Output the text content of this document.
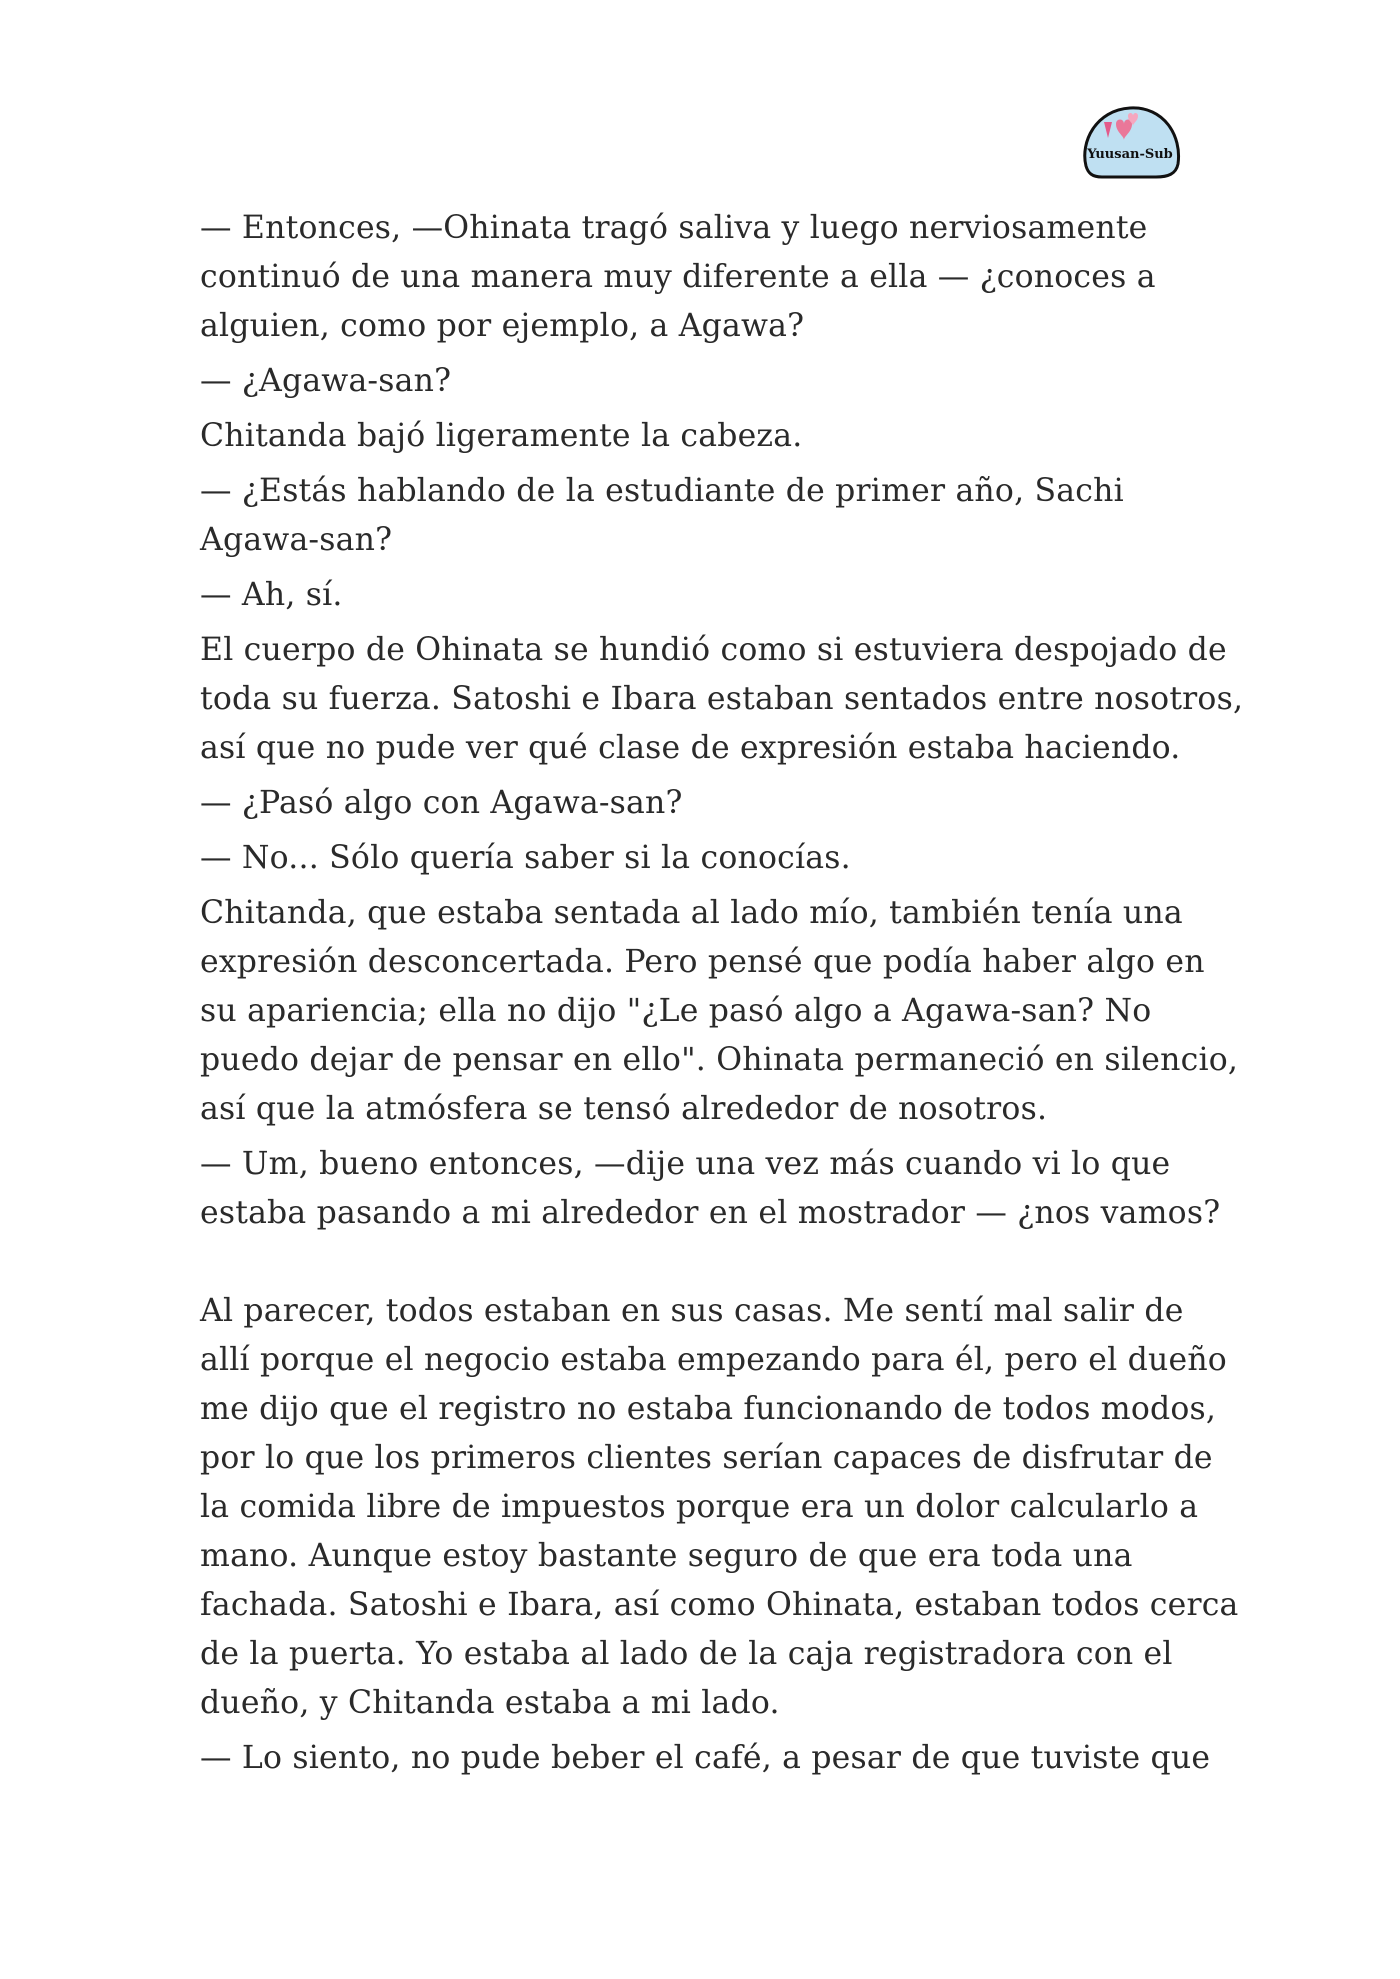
Yuusan-Sub
— Entonces, —Ohinata tragó saliva y luego nerviosamente
continuó de una manera muy diferente a ella — ¿conoces a
alguien, como por ejemplo, a Agawa?
— ¿Agawa-san?
Chitanda bajó ligeramente la cabeza.
— ¿Estás hablando de la estudiante de primer año, Sachi
Agawa-san?
— Ah, sí.
El cuerpo de Ohinata se hundió como si estuviera despojado de
toda su fuerza. Satoshi e Ibara estaban sentados entre nosotros,
así que no pude ver qué clase de expresión estaba haciendo.
— ¿Pasó algo con Agawa-san?
— No... Sólo quería saber si la conocías.
Chitanda, que estaba sentada al lado mío, también tenía una
expresión desconcertada. Pero pensé que podía haber algo en
su apariencia; ella no dijo "¿Le pasó algo a Agawa-san? No
puedo dejar de pensar en ello". Ohinata permaneció en silencio,
así que la atmósfera se tensó alrededor de nosotros.
— Um, bueno entonces, —dije una vez más cuando vi lo que
estaba pasando a mi alrededor en el mostrador — ¿nos vamos?
Al parecer, todos estaban en sus casas. Me sentí mal salir de
allí porque el negocio estaba empezando para él, pero el dueño
me dijo que el registro no estaba funcionando de todos modos,
por lo que los primeros clientes serían capaces de disfrutar de
la comida libre de impuestos porque era un dolor calcularlo a
mano. Aunque estoy bastante seguro de que era toda una
fachada. Satoshi e Ibara, así como Ohinata, estaban todos cerca
de la puerta. Yo estaba al lado de la caja registradora con el
dueño, y Chitanda estaba a mi lado.
— Lo siento, no pude beber el café, a pesar de que tuviste que
